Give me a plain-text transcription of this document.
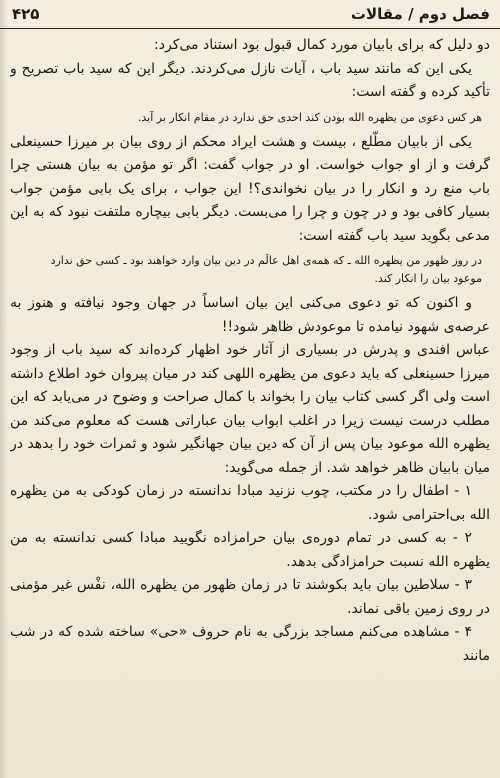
فصل دوم / مقالات
۴۲۵

دو دلیل که برای بابیان مورد کمال قبول بود استناد می‌کرد:

یکی این که مانند سید باب ، آیات نازل می‌کردند. دیگر این که سید باب تصریح و تأکید کرده و گفته است:

هر کس دعوی من یظهره الله بودن کند احدی حق ندارد در مقام انکار بر آید.

یکی از بابیان مطّلع ، بیست و هشت ایراد محکم از روی بیان بر میرزا حسینعلی گرفت و از او جواب خواست. او در جواب گفت: اگر تو مؤمن به بیان هستی چرا باب منع رد و انکار را در بیان نخواندی؟! این جواب ، برای یک بابی مؤمن جواب بسیار کافی بود و در چون و چرا را می‌بست. دیگر بابی بیچاره ملتفت نبود که به این مدعی بگوید سید باب گفته است:

در روز ظهور من یظهره الله ـ که همه‌ی اهل عالَم در دین بیان وارد خواهند بود ـ کسی حق ندارد موعود بیان را انکار کند.

و اکنون که تو دعوی می‌کنی این بیان اساساً در جهان وجود نیافته و هنوز به عرصه‌ی شهود نیامده تا موعودش ظاهر شود!!

عباس افندی و پدرش در بسیاری از آثار خود اظهار کرده‌اند که سید باب از وجود میرزا حسینعلی که باید دعوی من یظهره اللهی کند در میان پیروان خود اطلاع داشته است ولی اگر کسی کتاب بیان را بخواند با کمال صراحت و وضوح در می‌یابد که این مطلب درست نیست زیرا در اغلب ابواب بیان عباراتی هست که معلوم می‌کند من یظهره الله موعود بیان پس از آن که دین بیان جهانگیر شود و ثمرات خود را بدهد در میان بابیان ظاهر خواهد شد. از جمله می‌گوید:

۱ - اطفال را در مکتب، چوب نزنید مبادا ندانسته در زمان کودکی به من یظهره الله بی‌احترامی شود.

۲ - به کسی در تمام دوره‌ی بیان حرامزاده نگویید مبادا کسی ندانسته به من یظهره الله نسبت حرامزادگی بدهد.

۳ - سلاطین بیان باید بکوشند تا در زمان ظهور من یظهره الله، نفْس غیر مؤمنی در روی زمین باقی نماند.

۴ - مشاهده می‌کنم مساجد بزرگی به نام حروف «حی» ساخته شده که در شب مانند
